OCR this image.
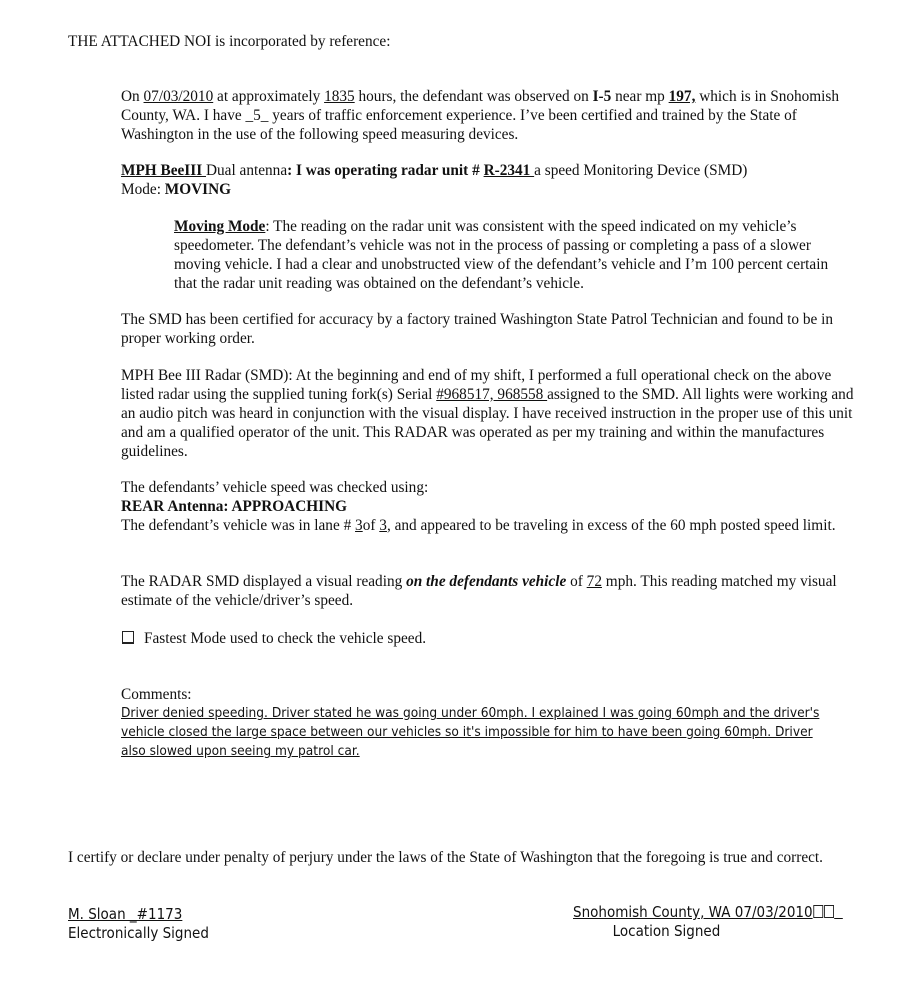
THE ATTACHED NOI is incorporated by reference:
On 07/03/2010 at approximately 1835 hours, the defendant was observed on I-5 near mp 197, which is in Snohomish County, WA. I have _5_ years of traffic enforcement experience. I’ve been certified and trained by the State of Washington in the use of the following speed measuring devices.
MPH BeeIII Dual antenna: I was operating radar unit # R-2341 a speed Monitoring Device (SMD)
Mode: MOVING
Moving Mode: The reading on the radar unit was consistent with the speed indicated on my vehicle’s speedometer. The defendant’s vehicle was not in the process of passing or completing a pass of a slower moving vehicle. I had a clear and unobstructed view of the defendant’s vehicle and I’m 100 percent certain that the radar unit reading was obtained on the defendant’s vehicle.
The SMD has been certified for accuracy by a factory trained Washington State Patrol Technician and found to be in proper working order.
MPH Bee III Radar (SMD): At the beginning and end of my shift, I performed a full operational check on the above listed radar using the supplied tuning fork(s) Serial #968517, 968558 assigned to the SMD. All lights were working and an audio pitch was heard in conjunction with the visual display. I have received instruction in the proper use of this unit and am a qualified operator of the unit. This RADAR was operated as per my training and within the manufactures guidelines.
The defendants’ vehicle speed was checked using:
REAR Antenna: APPROACHING
The defendant’s vehicle was in lane # 3of 3, and appeared to be traveling in excess of the 60 mph posted speed limit.
The RADAR SMD displayed a visual reading on the defendants vehicle of 72 mph. This reading matched my visual estimate of the vehicle/driver’s speed.
Fastest Mode used to check the vehicle speed.
Comments:
Driver denied speeding. Driver stated he was going under 60mph. I explained I was going 60mph and the driver's
vehicle closed the large space between our vehicles so it's impossible for him to have been going 60mph. Driver
also slowed upon seeing my patrol car.
I certify or declare under penalty of perjury under the laws of the State of Washington that the foregoing is true and correct.
M. Sloan _#1173
Electronically Signed
Snohomish County, WA 07/03/2010
Location Signed
